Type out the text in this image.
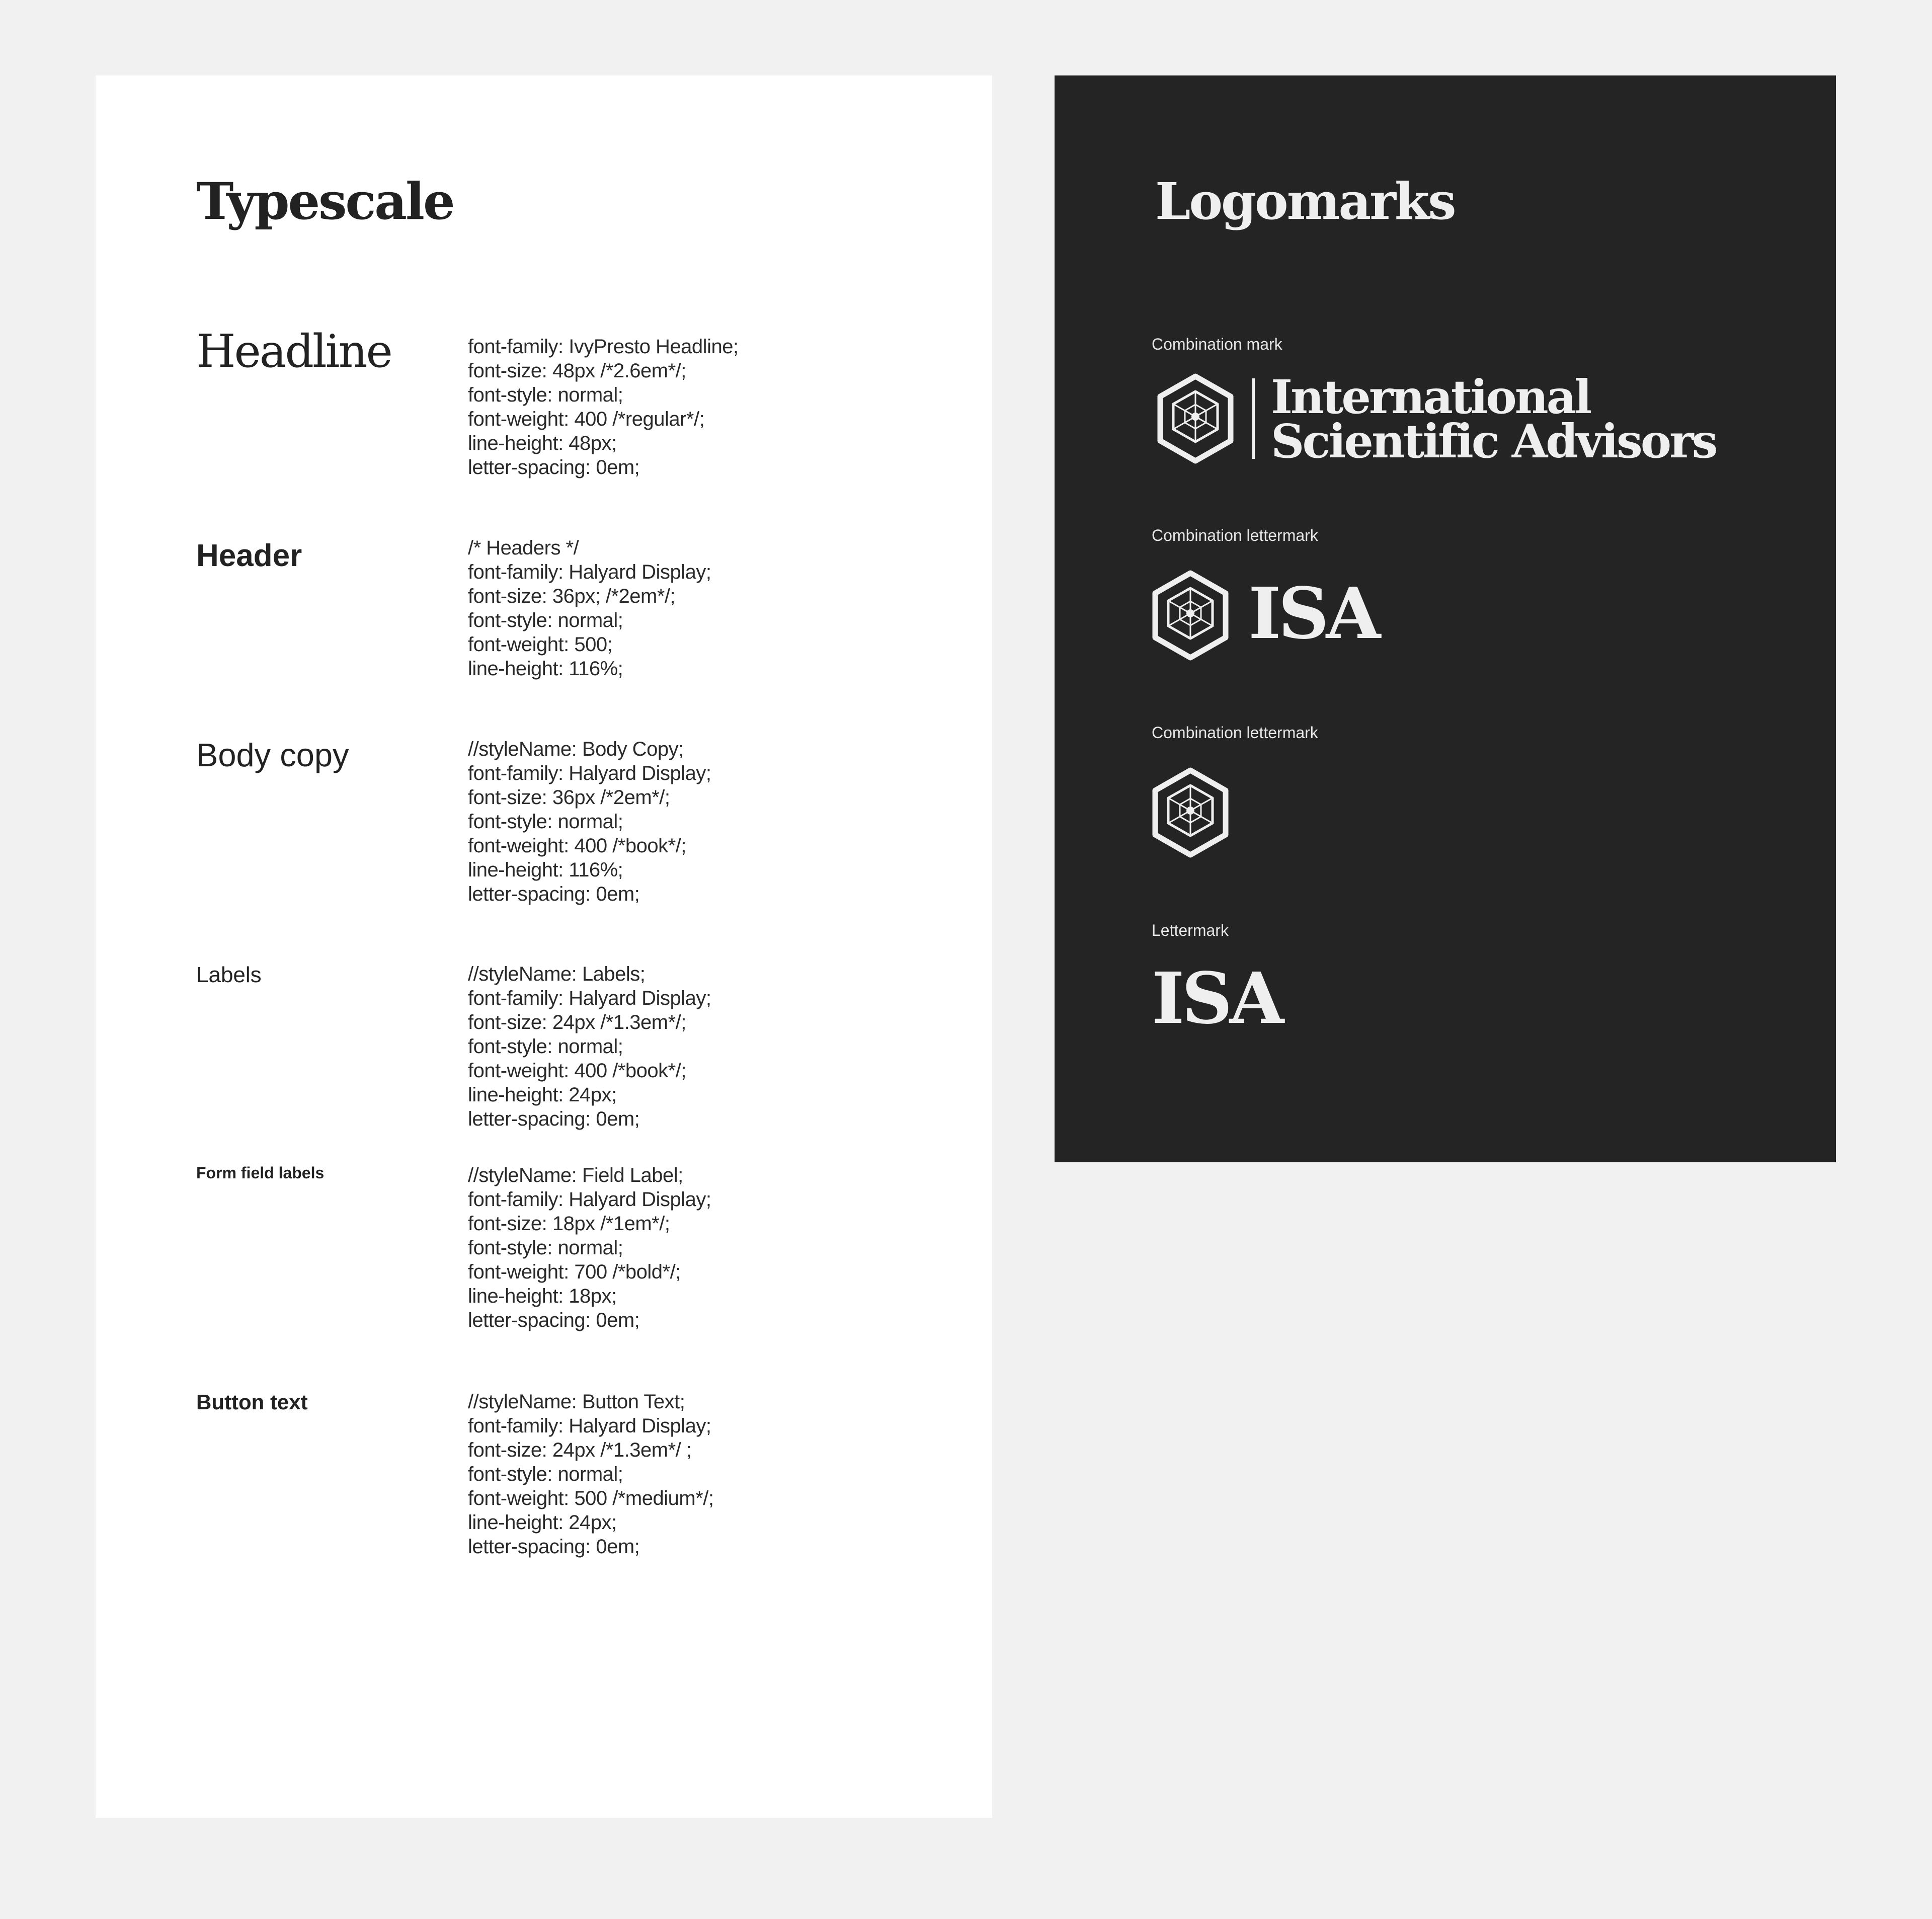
Typescale
Headline	font-family: IvyPresto Headline;
font-size: 48px /*2.6em*/;
font-style: normal;
font-weight: 400 /*regular*/;
line-height: 48px;
letter-spacing: 0em;
Header	/* Headers */
font-family: Halyard Display;
font-size: 36px; /*2em*/;
font-style: normal;
font-weight: 500;
line-height: 116%;
Body copy	//styleName: Body Copy;
font-family: Halyard Display;
font-size: 36px /*2em*/;
font-style: normal;
font-weight: 400 /*book*/;
line-height: 116%;
letter-spacing: 0em;
Labels	//styleName: Labels;
font-family: Halyard Display;
font-size: 24px /*1.3em*/;
font-style: normal;
font-weight: 400 /*book*/;
line-height: 24px;
letter-spacing: 0em;
Form field labels	//styleName: Field Label;
font-family: Halyard Display;
font-size: 18px /*1em*/;
font-style: normal;
font-weight: 700 /*bold*/;
line-height: 18px;
letter-spacing: 0em;
Button text	//styleName: Button Text;
font-family: Halyard Display;
font-size: 24px /*1.3em*/ ;
font-style: normal;
font-weight: 500 /*medium*/;
line-height: 24px;
letter-spacing: 0em;
Logomarks
Combination mark
International
Scientific Advisors
Combination lettermark
ISA
Combination lettermark
Lettermark
ISA
